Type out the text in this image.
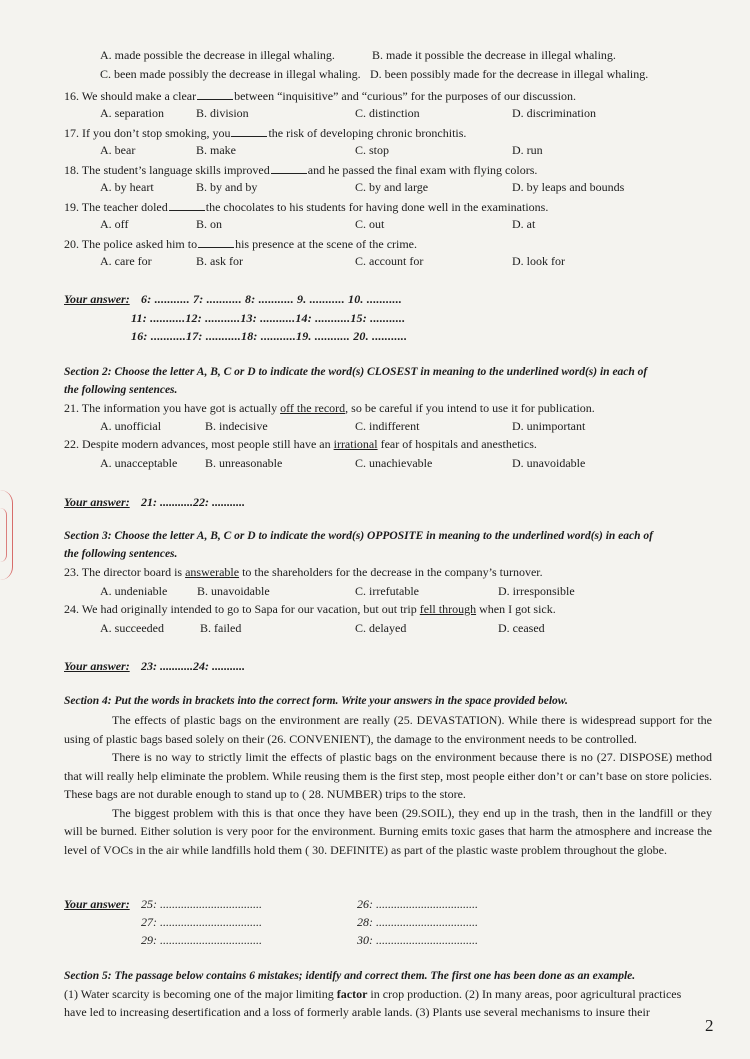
A. made possible the decrease in illegal whaling.	B. made it possible the decrease in illegal whaling.
C. been made possibly the decrease in illegal whaling. D. been possibly made for the decrease in illegal whaling.
16. We should make a clear	between “inquisitive” and “curious” for the purposes of our discussion.
A. separation	B. division	C. distinction	D. discrimination
17. If you don’t stop smoking, you	the risk of developing chronic bronchitis.
A. bear	B. make	C. stop	D. run
18. The student’s language skills improved	and he passed the final exam with flying colors.
A. by heart	B. by and by	C. by and large	D. by leaps and bounds
19. The teacher doled	the chocolates to his students for having done well in the examinations.
A. off	B. on	C. out	D. at
20. The police asked him to	his presence at the scene of the crime.
A. care for	B. ask for	C. account for	D. look for
Your answer: 6: ........... 7: ........... 8: ........... 9. ........... 10. ...........
11: ...........12: ...........13: ...........14: ...........15: ...........
16: ...........17: ...........18: ...........19. ........... 20. ...........
Section 2: Choose the letter A, B, C or D to indicate the word(s) CLOSEST in meaning to the underlined word(s) in each of
the following sentences.
21. The information you have got is actually off the record, so be careful if you intend to use it for publication.
A. unofficial	B. indecisive	C. indifferent	D. unimportant
22. Despite modern advances, most people still have an irrational fear of hospitals and anesthetics.
A. unacceptable B. unreasonable	C. unachievable	D. unavoidable
Your answer: 21: ...........22: ...........
Section 3: Choose the letter A, B, C or D to indicate the word(s) OPPOSITE in meaning to the underlined word(s) in each of
the following sentences.
23. The director board is answerable to the shareholders for the decrease in the company’s turnover.
A. undeniable B. unavoidable	C. irrefutable	D. irresponsible
24. We had originally intended to go to Sapa for our vacation, but out trip fell through when I got sick.
A. succeeded	B. failed	C. delayed	D. ceased
Your answer: 23: ...........24: ...........
Section 4: Put the words in brackets into the correct form. Write your answers in the space provided below.

The effects of plastic bags on the environment are really (25. DEVASTATION). While there is widespread support for the using of plastic bags based solely on their (26. CONVENIENT), the damage to the environment needs to be controlled.

There is no way to strictly limit the effects of plastic bags on the environment because there is no (27. DISPOSE) method that will really help eliminate the problem. While reusing them is the first step, most people either don’t or can’t base on store policies. These bags are not durable enough to stand up to ( 28. NUMBER) trips to the store.

The biggest problem with this is that once they have been (29.SOIL), they end up in the trash, then in the landfill or they will be burned. Either solution is very poor for the environment. Burning emits toxic gases that harm the atmosphere and increase the level of VOCs in the air while landfills hold them ( 30. DEFINITE) as part of the plastic waste problem throughout the globe.

Your answer: 25: ..................................	26: ..................................
27: ..................................	28: ..................................
29: ..................................	30: ..................................
Section 5: The passage below contains 6 mistakes; identify and correct them. The first one has been done as an example.
(1) Water scarcity is becoming one of the major limiting factor in crop production. (2) In many areas, poor agricultural practices
have led to increasing desertification and a loss of formerly arable lands. (3) Plants use several mechanisms to insure their
2
